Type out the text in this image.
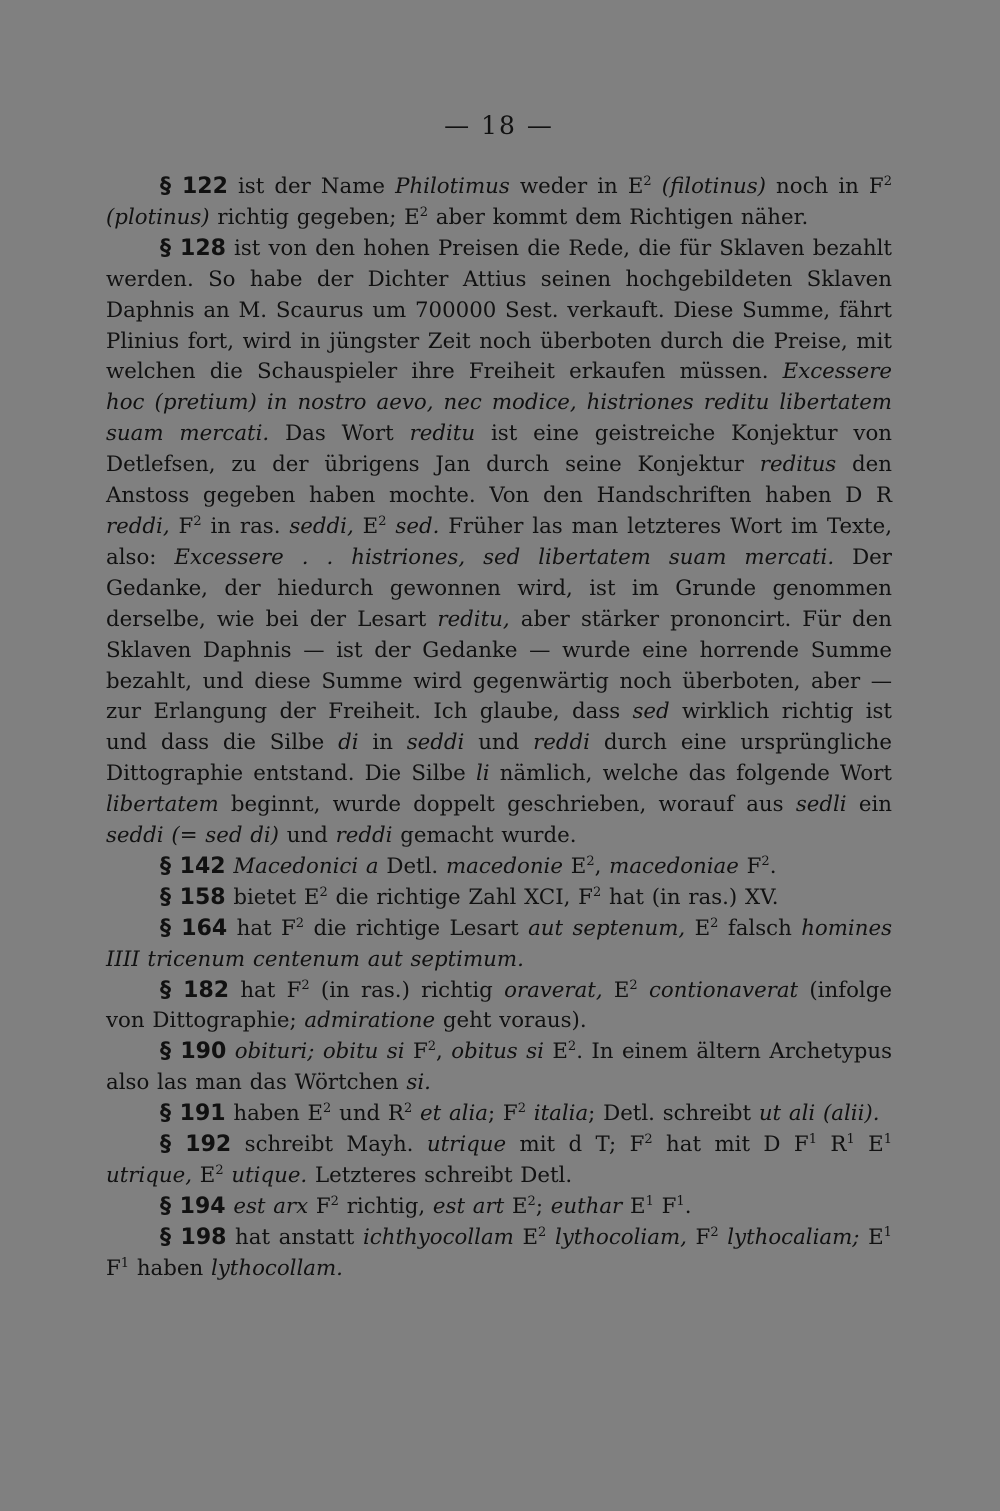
— 18 —

§ 122 ist der Name Philotimus weder in $E^2$ (filotinus) noch in $F^2$ (plotinus) richtig gegeben; $E^2$ aber kommt dem Richtigen näher.

§ 128 ist von den hohen Preisen die Rede, die für Sklaven bezahlt werden. So habe der Dichter Attius seinen hochgebildeten Sklaven Daphnis an M. Scaurus um 700000 Sest. verkauft. Diese Summe, fährt Plinius fort, wird in jüngster Zeit noch überboten durch die Preise, mit welchen die Schauspieler ihre Freiheit erkaufen müssen. Excessere hoc (pretium) in nostro aevo, nec modice, histriones reditu libertatem suam mercati. Das Wort reditu ist eine geistreiche Konjektur von Detlefsen, zu der übrigens Jan durch seine Konjektur reditus den Anstoss gegeben haben mochte. Von den Handschriften haben D R reddi, $F^2$ in ras. seddi, $E^2$ sed. Früher las man letzteres Wort im Texte, also: Excessere . . histriones, sed libertatem suam mercati. Der Gedanke, der hiedurch gewonnen wird, ist im Grunde genommen derselbe, wie bei der Lesart reditu, aber stärker prononcirt. Für den Sklaven Daphnis — ist der Gedanke — wurde eine horrende Summe bezahlt, und diese Summe wird gegenwärtig noch überboten, aber — zur Erlangung der Freiheit. Ich glaube, dass sed wirklich richtig ist und dass die Silbe di in seddi und reddi durch eine ursprüngliche Dittographie entstand. Die Silbe li nämlich, welche das folgende Wort libertatem beginnt, wurde doppelt geschrieben, worauf aus sedli ein seddi (= sed di) und reddi gemacht wurde.

§ 142 Macedonici a Detl. macedonie $E^2$, macedoniae $F^2$.

§ 158 bietet $E^2$ die richtige Zahl XCI, $F^2$ hat (in ras.) XV.

§ 164 hat $F^2$ die richtige Lesart aut septenum, $E^2$ falsch homines IIII tricenum centenum aut septimum.

§ 182 hat $F^2$ (in ras.) richtig oraverat, $E^2$ contionaverat (infolge von Dittographie; admiratione geht voraus).

§ 190 obituri; obitu si $F^2$, obitus si $E^2$. In einem ältern Archetypus also las man das Wörtchen si.

§ 191 haben $E^2$ und $R^2$ et alia; $F^2$ italia; Detl. schreibt ut ali (alii).

§ 192 schreibt Mayh. utrique mit d T; $F^2$ hat mit D $F^1$ $R^1$ $E^1$ utrique, $E^2$ utique. Letzteres schreibt Detl.

§ 194 est arx $F^2$ richtig, est art $E^2$; euthar $E^1$ $F^1$.

§ 198 hat anstatt ichthyocollam $E^2$ lythocoliam, $F^2$ lythocaliam; $E^1$ $F^1$ haben lythocollam.
